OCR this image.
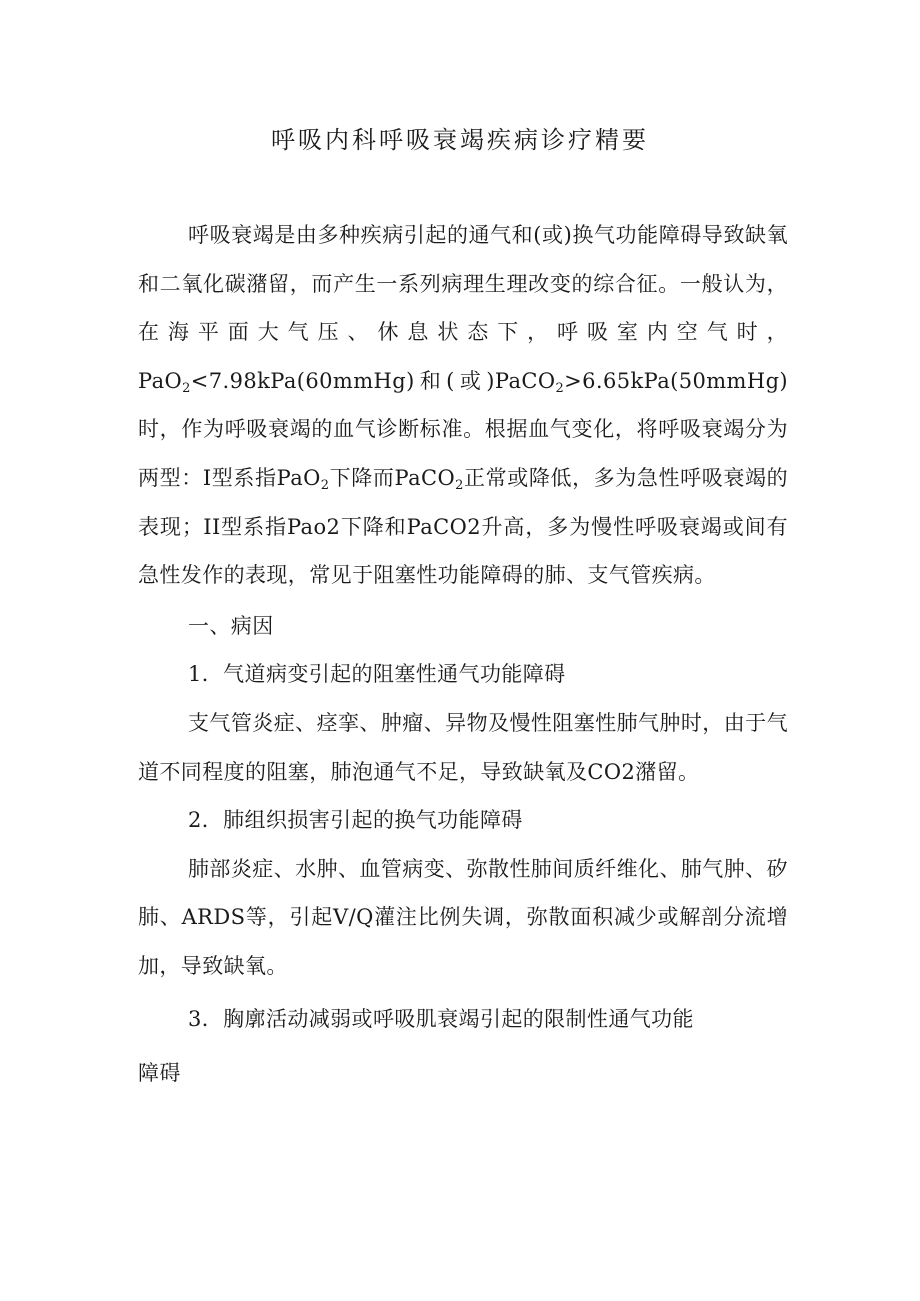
呼吸内科呼吸衰竭疾病诊疗精要

呼吸衰竭是由多种疾病引起的通气和(或)换气功能障碍导致缺氧和二氧化碳潴留，而产生一系列病理生理改变的综合征。一般认为，在海平面大气压、休息状态下，呼吸室内空气时，PaO$_2$<7.98kPa(60mmHg)和(或)PaCO$_2$>6.65kPa(50mmHg)时，作为呼吸衰竭的血气诊断标准。根据血气变化，将呼吸衰竭分为两型：I型系指PaO$_2$下降而PaCO$_2$正常或降低，多为急性呼吸衰竭的表现；II型系指Pao2下降和PaCO2升高，多为慢性呼吸衰竭或间有急性发作的表现，常见于阻塞性功能障碍的肺、支气管疾病。

一、病因

1．气道病变引起的阻塞性通气功能障碍

支气管炎症、痉挛、肿瘤、异物及慢性阻塞性肺气肿时，由于气道不同程度的阻塞，肺泡通气不足，导致缺氧及CO2潴留。

2．肺组织损害引起的换气功能障碍

肺部炎症、水肿、血管病变、弥散性肺间质纤维化、肺气肿、矽肺、ARDS等，引起V/Q灌注比例失调，弥散面积减少或解剖分流增加，导致缺氧。

3．胸廓活动减弱或呼吸肌衰竭引起的限制性通气功能

障碍
